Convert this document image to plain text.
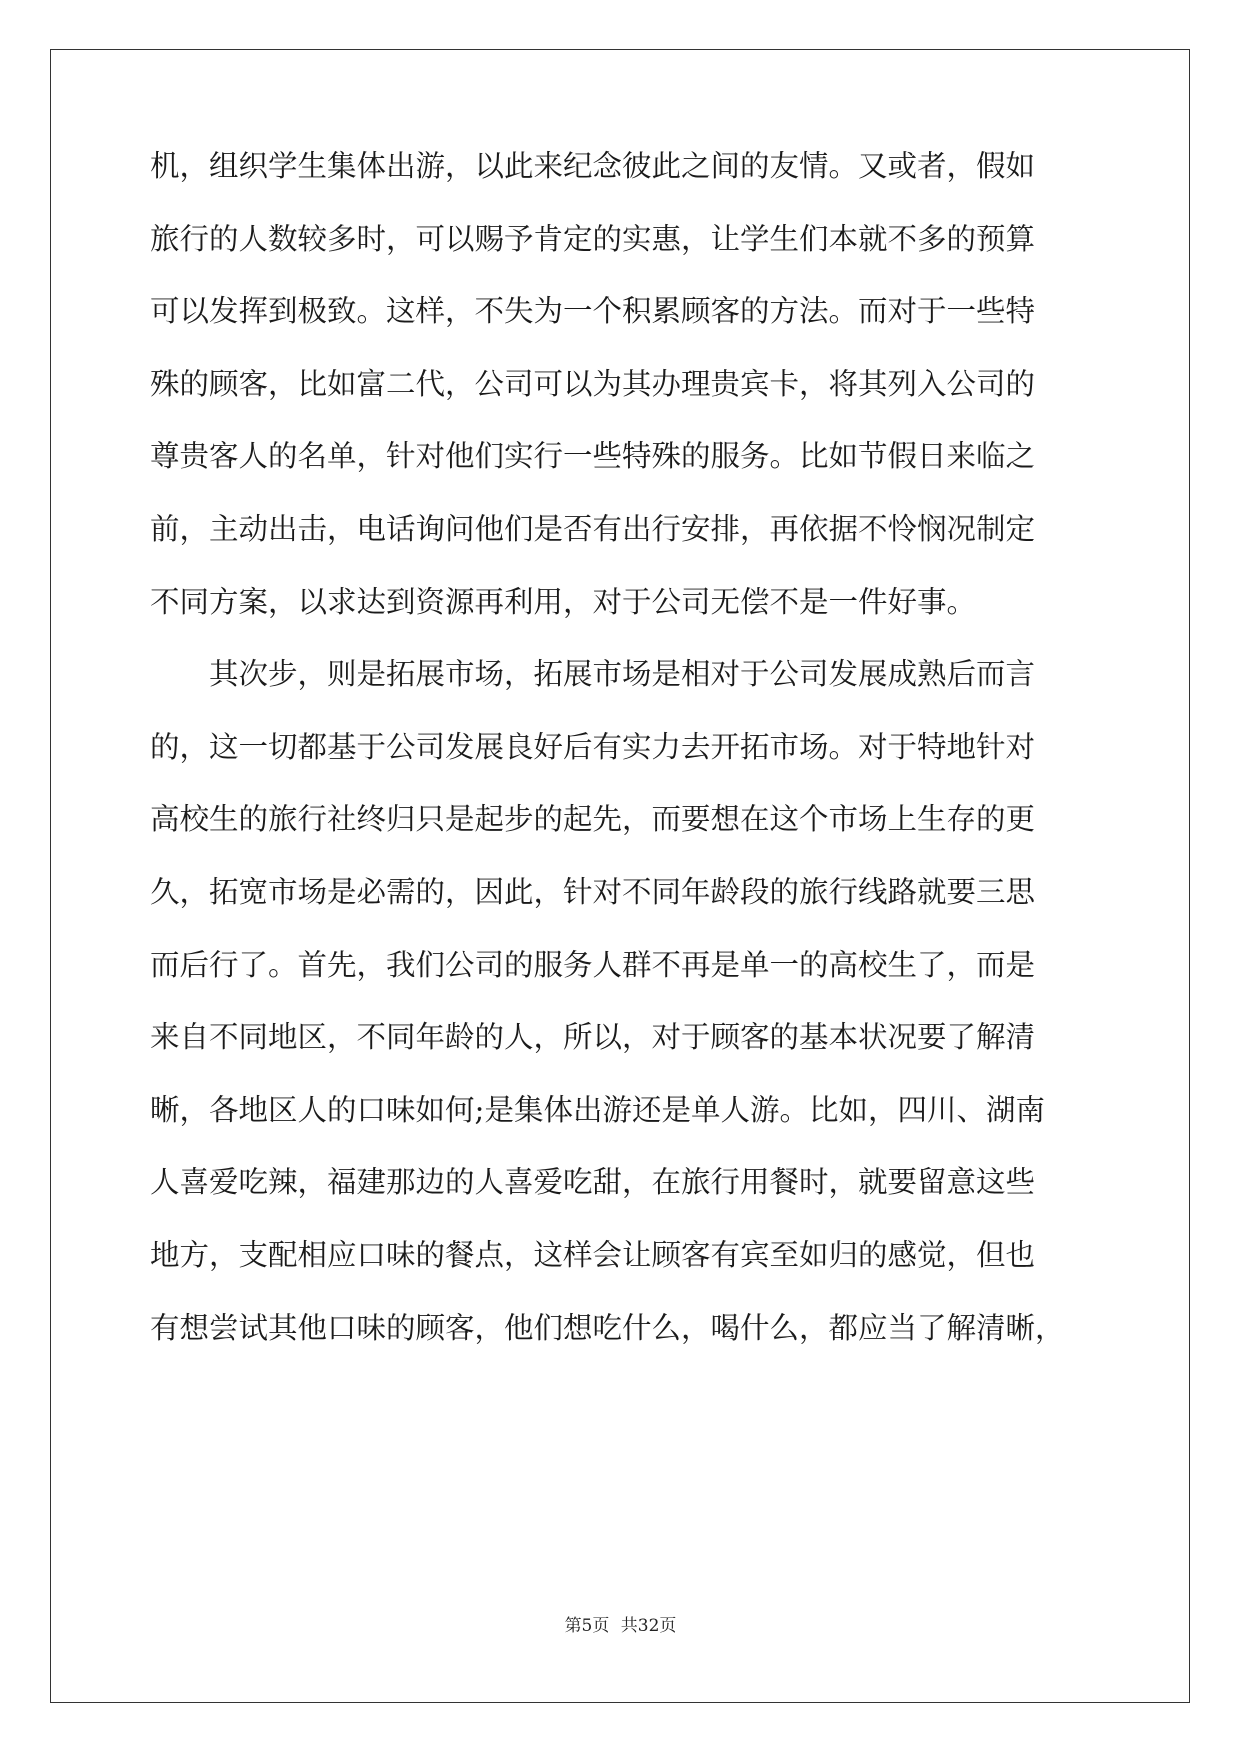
机，组织学生集体出游，以此来纪念彼此之间的友情。又或者，假如
旅行的人数较多时，可以赐予肯定的实惠，让学生们本就不多的预算
可以发挥到极致。这样，不失为一个积累顾客的方法。而对于一些特
殊的顾客，比如富二代，公司可以为其办理贵宾卡，将其列入公司的
尊贵客人的名单，针对他们实行一些特殊的服务。比如节假日来临之
前，主动出击，电话询问他们是否有出行安排，再依据不怜悯况制定
不同方案，以求达到资源再利用，对于公司无偿不是一件好事。
　　其次步，则是拓展市场，拓展市场是相对于公司发展成熟后而言
的，这一切都基于公司发展良好后有实力去开拓市场。对于特地针对
高校生的旅行社终归只是起步的起先，而要想在这个市场上生存的更
久，拓宽市场是必需的，因此，针对不同年龄段的旅行线路就要三思
而后行了。首先，我们公司的服务人群不再是单一的高校生了，而是
来自不同地区，不同年龄的人，所以，对于顾客的基本状况要了解清
晰，各地区人的口味如何;是集体出游还是单人游。比如，四川、湖南
人喜爱吃辣，福建那边的人喜爱吃甜，在旅行用餐时，就要留意这些
地方，支配相应口味的餐点，这样会让顾客有宾至如归的感觉，但也
有想尝试其他口味的顾客，他们想吃什么，喝什么，都应当了解清晰，
第5页 共32页
